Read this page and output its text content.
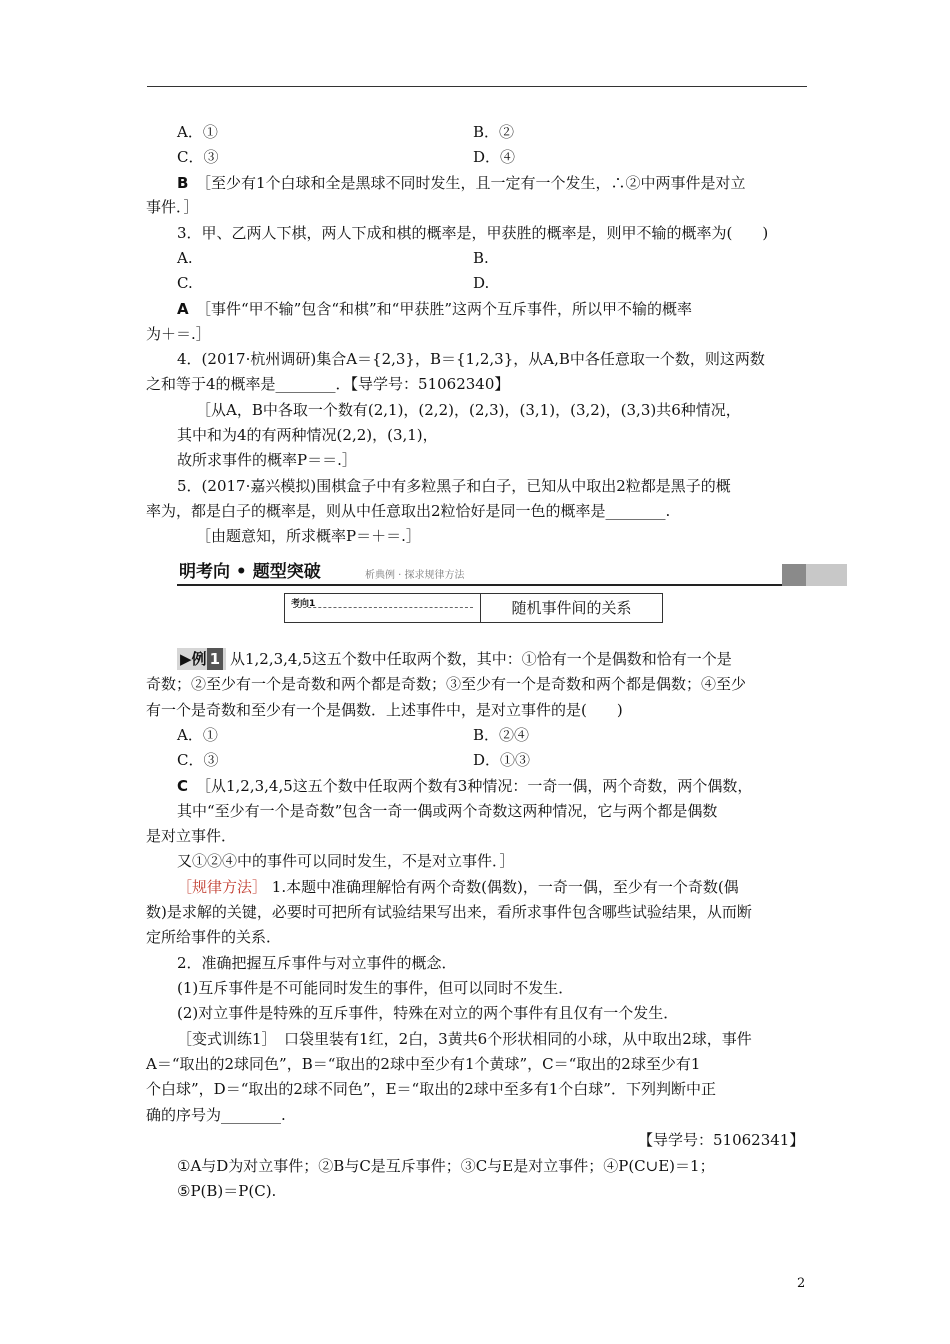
A．①	B．②
C．③	D．④
B ［至少有1个白球和全是黑球不同时发生，且一定有一个发生，∴②中两事件是对立
事件．］
3．甲、乙两人下棋，两人下成和棋的概率是，甲获胜的概率是，则甲不输的概率为(　　)
A.	B.
C.	D.
A ［事件“甲不输”包含“和棋”和“甲获胜”这两个互斥事件，所以甲不输的概率
为＋＝.］
4．(2017·杭州调研)集合A＝{2,3}，B＝{1,2,3}，从A,B中各任意取一个数，则这两数
之和等于4的概率是________．【导学号：51062340】
［从A，B中各取一个数有(2,1)，(2,2)，(2,3)，(3,1)，(3,2)，(3,3)共6种情况，
其中和为4的有两种情况(2,2)，(3,1)，
故所求事件的概率P＝＝.］
5．(2017·嘉兴模拟)围棋盒子中有多粒黑子和白子，已知从中取出2粒都是黑子的概
率为，都是白子的概率是，则从中任意取出2粒恰好是同一色的概率是________.
［由题意知，所求概率P＝＋＝.］
明考向 • 题型突破	析典例 · 探求规律方法
考向1	随机事件间的关系
▶例 1 从1,2,3,4,5这五个数中任取两个数，其中：①恰有一个是偶数和恰有一个是
奇数；②至少有一个是奇数和两个都是奇数；③至少有一个是奇数和两个都是偶数；④至少
有一个是奇数和至少有一个是偶数．上述事件中，是对立事件的是(　　)
A．①	B．②④
C．③	D．①③
C ［从1,2,3,4,5这五个数中任取两个数有3种情况：一奇一偶，两个奇数，两个偶数，
其中“至少有一个是奇数”包含一奇一偶或两个奇数这两种情况，它与两个都是偶数
是对立事件．
又①②④中的事件可以同时发生，不是对立事件．］
［规律方法］ 1.本题中准确理解恰有两个奇数(偶数)，一奇一偶，至少有一个奇数(偶
数)是求解的关键，必要时可把所有试验结果写出来，看所求事件包含哪些试验结果，从而断
定所给事件的关系．
2．准确把握互斥事件与对立事件的概念．
(1)互斥事件是不可能同时发生的事件，但可以同时不发生．
(2)对立事件是特殊的互斥事件，特殊在对立的两个事件有且仅有一个发生．
［变式训练1］　口袋里装有1红，2白，3黄共6个形状相同的小球，从中取出2球，事件
A＝“取出的2球同色”，B＝“取出的2球中至少有1个黄球”，C＝“取出的2球至少有1
个白球”，D＝“取出的2球不同色”，E＝“取出的2球中至多有1个白球”．下列判断中正
确的序号为________.
【导学号：51062341】
①A与D为对立事件；②B与C是互斥事件；③C与E是对立事件；④P(C∪E)＝1；
⑤P(B)＝P(C).
2
